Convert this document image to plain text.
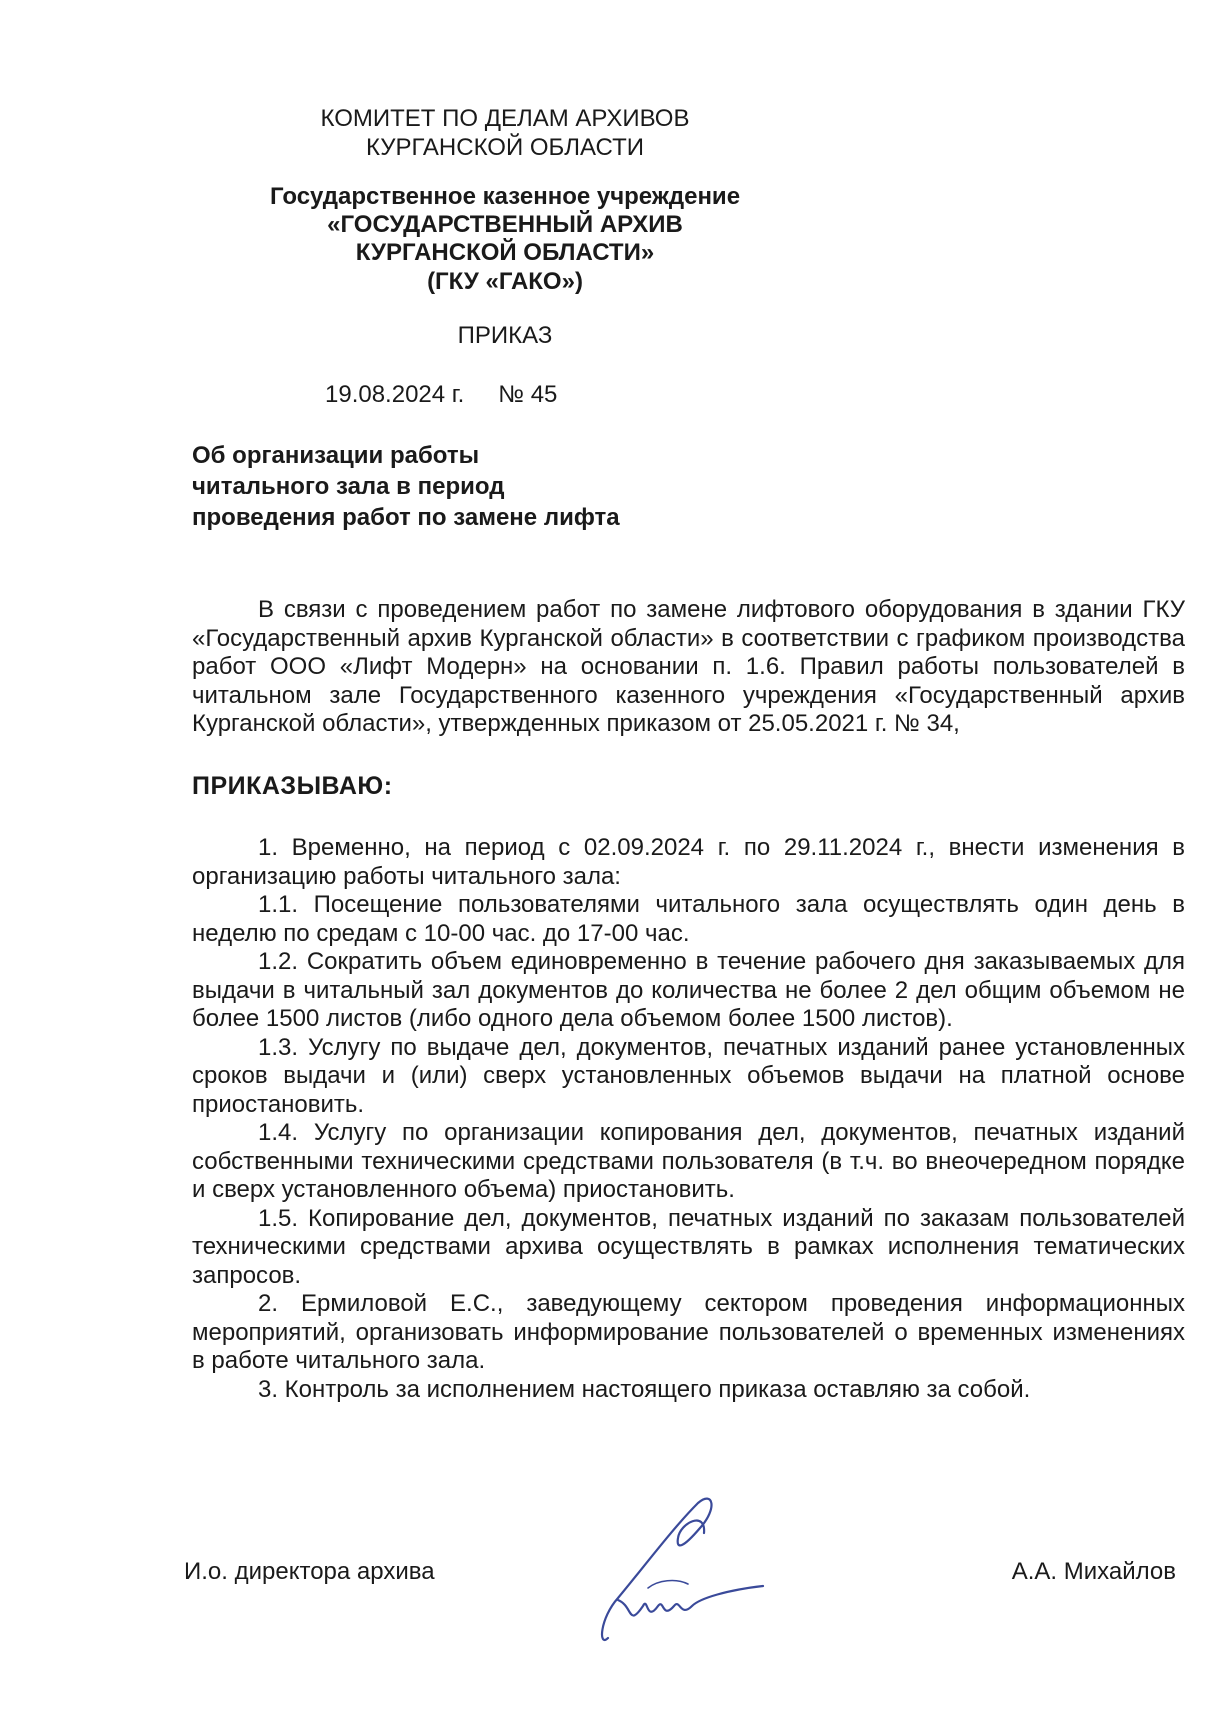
КОМИТЕТ ПО ДЕЛАМ АРХИВОВ
КУРГАНСКОЙ ОБЛАСТИ
Государственное казенное учреждение
«ГОСУДАРСТВЕННЫЙ АРХИВ
КУРГАНСКОЙ ОБЛАСТИ»
(ГКУ «ГАКО»)
ПРИКАЗ
19.08.2024 г. № 45
Об организации работы
читального зала в период
проведения работ по замене лифта

В связи с проведением работ по замене лифтового оборудования в здании ГКУ «Государственный архив Курганской области» в соответствии с графиком производства работ ООО «Лифт Модерн» на основании п. 1.6. Правил работы пользователей в читальном зале Государственного казенного учреждения «Государственный архив Курганской области», утвержденных приказом от 25.05.2021 г. № 34,

ПРИКАЗЫВАЮ:

1. Временно, на период с 02.09.2024 г. по 29.11.2024 г., внести изменения в организацию работы читального зала:

1.1. Посещение пользователями читального зала осуществлять один день в неделю по средам с 10-00 час. до 17-00 час.

1.2. Сократить объем единовременно в течение рабочего дня заказываемых для выдачи в читальный зал документов до количества не более 2 дел общим объемом не более 1500 листов (либо одного дела объемом более 1500 листов).

1.3. Услугу по выдаче дел, документов, печатных изданий ранее установленных сроков выдачи и (или) сверх установленных объемов выдачи на платной основе приостановить.

1.4. Услугу по организации копирования дел, документов, печатных изданий собственными техническими средствами пользователя (в т.ч. во внеочередном порядке и сверх установленного объема) приостановить.

1.5. Копирование дел, документов, печатных изданий по заказам пользователей техническими средствами архива осуществлять в рамках исполнения тематических запросов.

2. Ермиловой Е.С., заведующему сектором проведения информационных мероприятий, организовать информирование пользователей о временных изменениях в работе читального зала.

3. Контроль за исполнением настоящего приказа оставляю за собой.

И.о. директора архива	А.А. Михайлов
